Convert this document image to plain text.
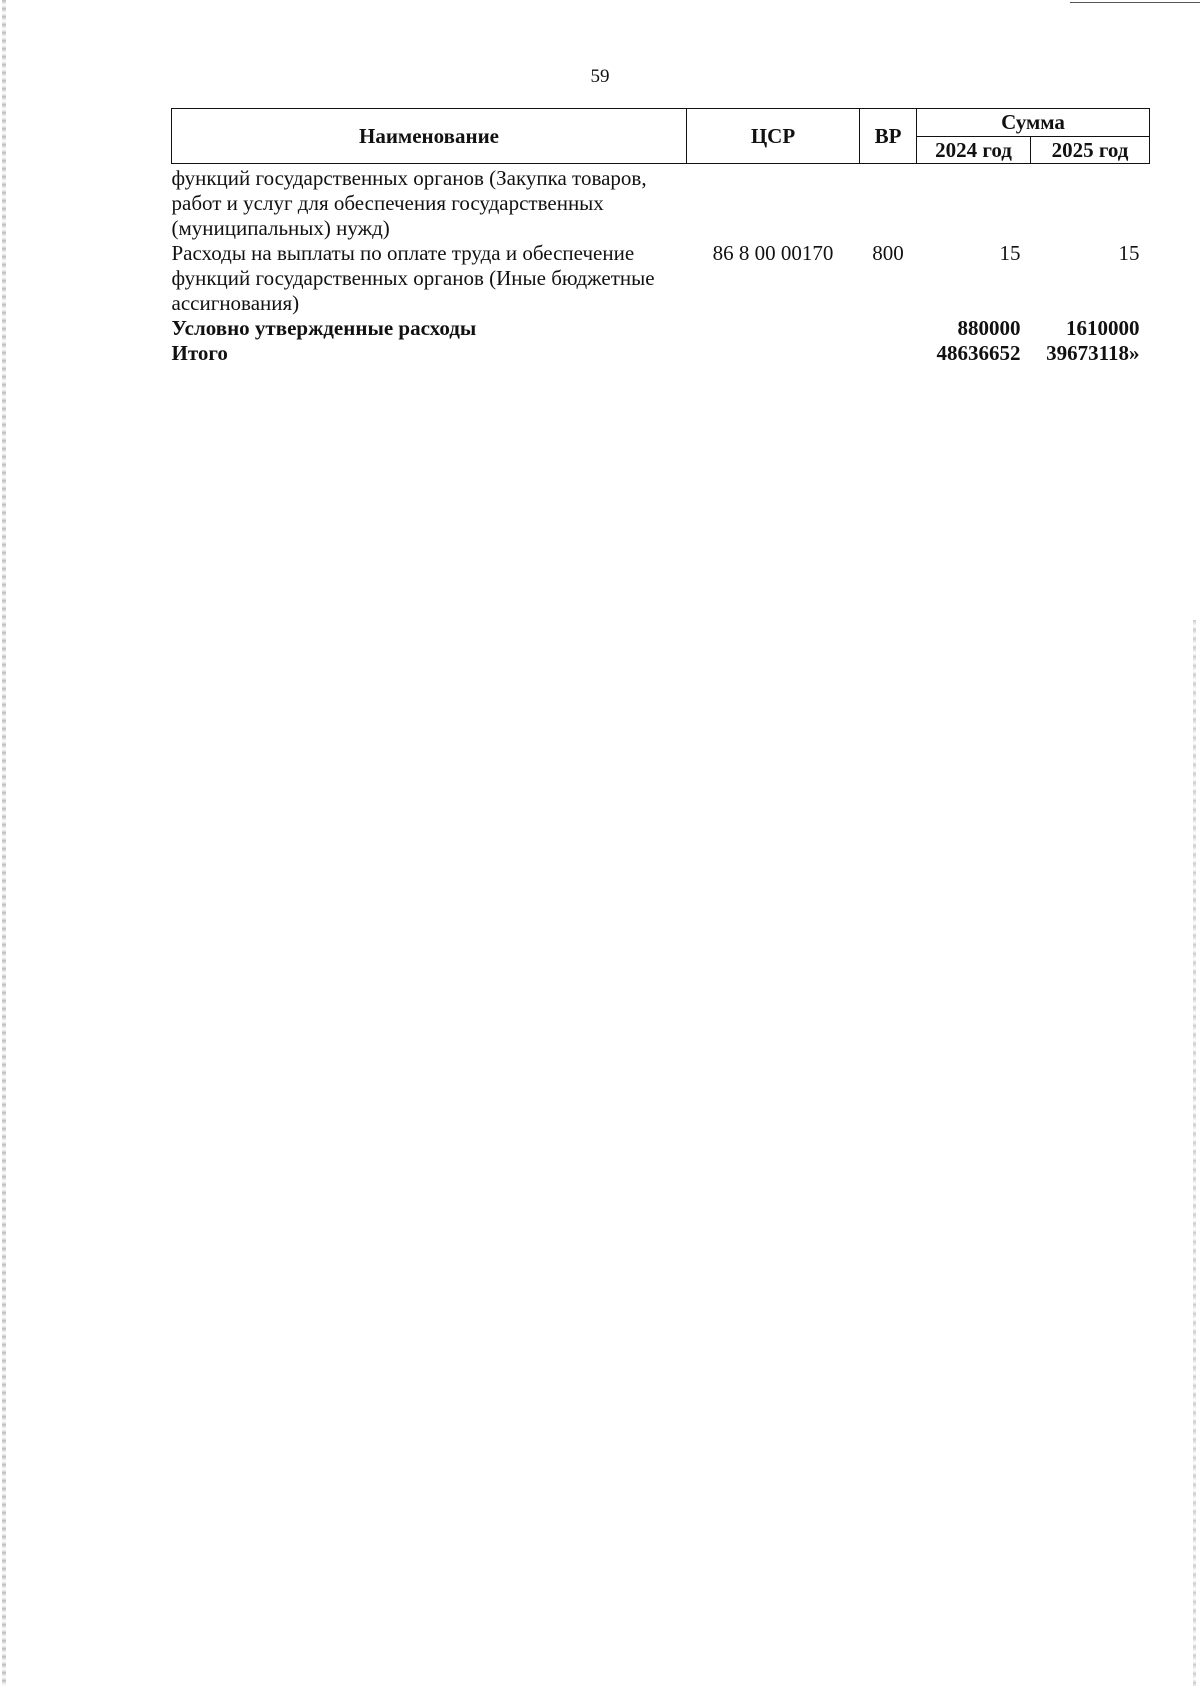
59
Наименование	ЦСР	ВР	Сумма	
			2024 год	2025 год
функций государственных органов (Закупка товаров, работ и услуг для обеспечения государственных (муниципальных) нужд)				
Расходы на выплаты по оплате труда и обеспечение функций государственных органов (Иные бюджетные ассигнования)	86 8 00 00170	800	15	15
Условно утвержденные расходы			880000	1610000
Итого			48636652	39673118»
